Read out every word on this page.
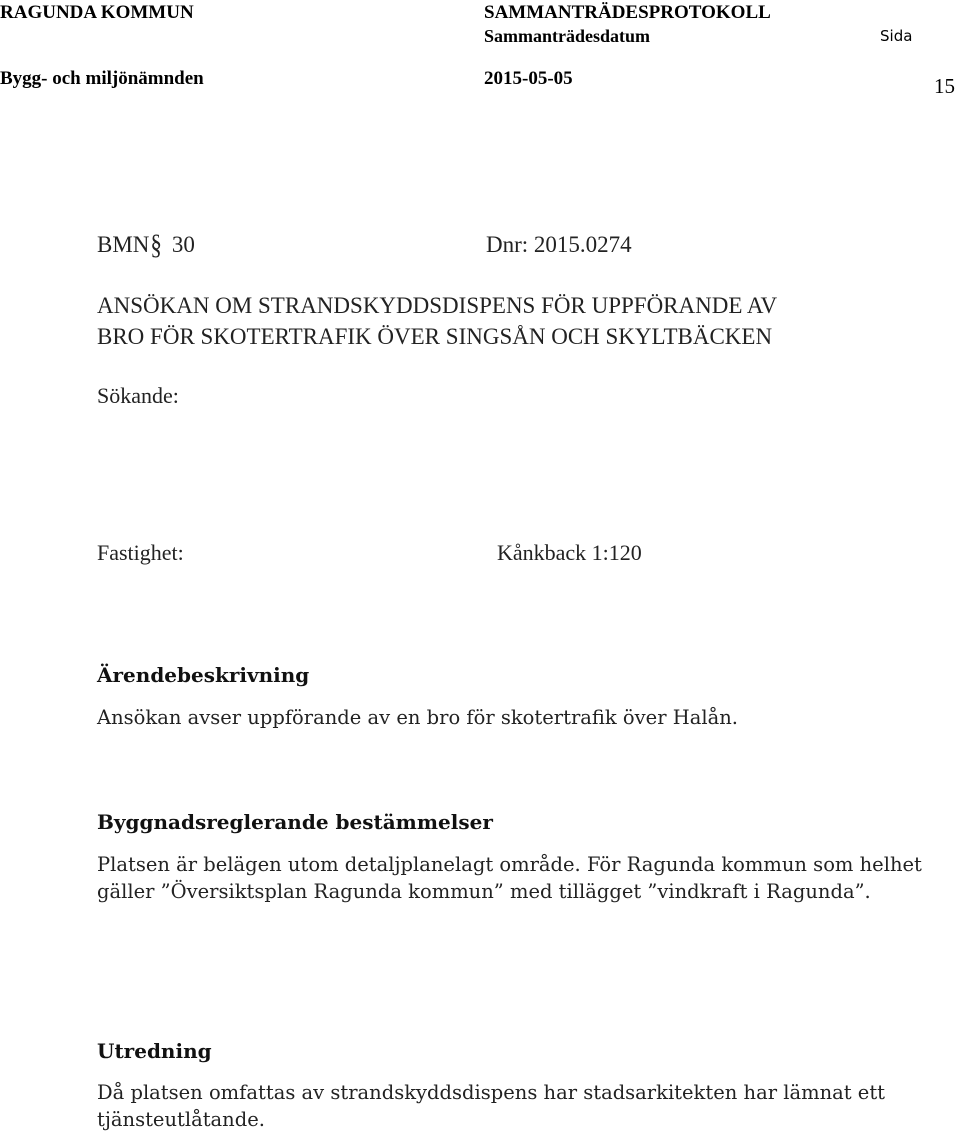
RAGUNDA KOMMUN	SAMMANTRÄDESPROTOKOLL
Sammanträdesdatum	Sida
Bygg- och miljönämnden	2015-05-05	15
BMN§ 30	Dnr: 2015.0274
ANSÖKAN OM STRANDSKYDDSDISPENS FÖR UPPFÖRANDE AV
BRO FÖR SKOTERTRAFIK ÖVER SINGSÅN OCH SKYLTBÄCKEN
Sökande:
Fastighet:	Kånkback 1:120
Ärendebeskrivning
Ansökan avser uppförande av en bro för skotertrafik över Halån.
Byggnadsreglerande bestämmelser
Platsen är belägen utom detaljplanelagt område. För Ragunda kommun som helhet gäller ”Översiktsplan Ragunda kommun” med tillägget ”vindkraft i Ragunda”.
Utredning
Då platsen omfattas av strandskyddsdispens har stadsarkitekten har lämnat ett tjänsteutlåtande.
